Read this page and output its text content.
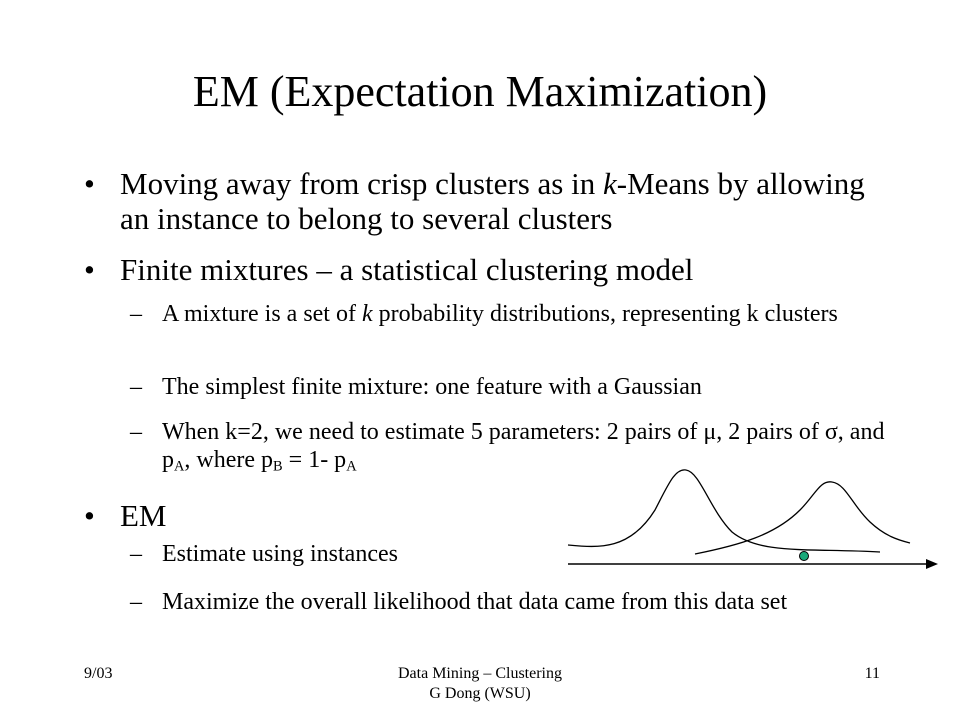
EM (Expectation Maximization)
• Moving away from crisp clusters as in k-Means by allowing an instance to belong to several clusters
• Finite mixtures – a statistical clustering model
– A mixture is a set of k probability distributions, representing k clusters
– The simplest finite mixture: one feature with a Gaussian
– When k=2, we need to estimate 5 parameters: 2 pairs of μ, 2 pairs of σ, and $p_A$, where $p_B = 1-$ $p_A$
• EM
– Estimate using instances
– Maximize the overall likelihood that data came from this data set
9/03	Data Mining – Clustering
G Dong (WSU)
11
